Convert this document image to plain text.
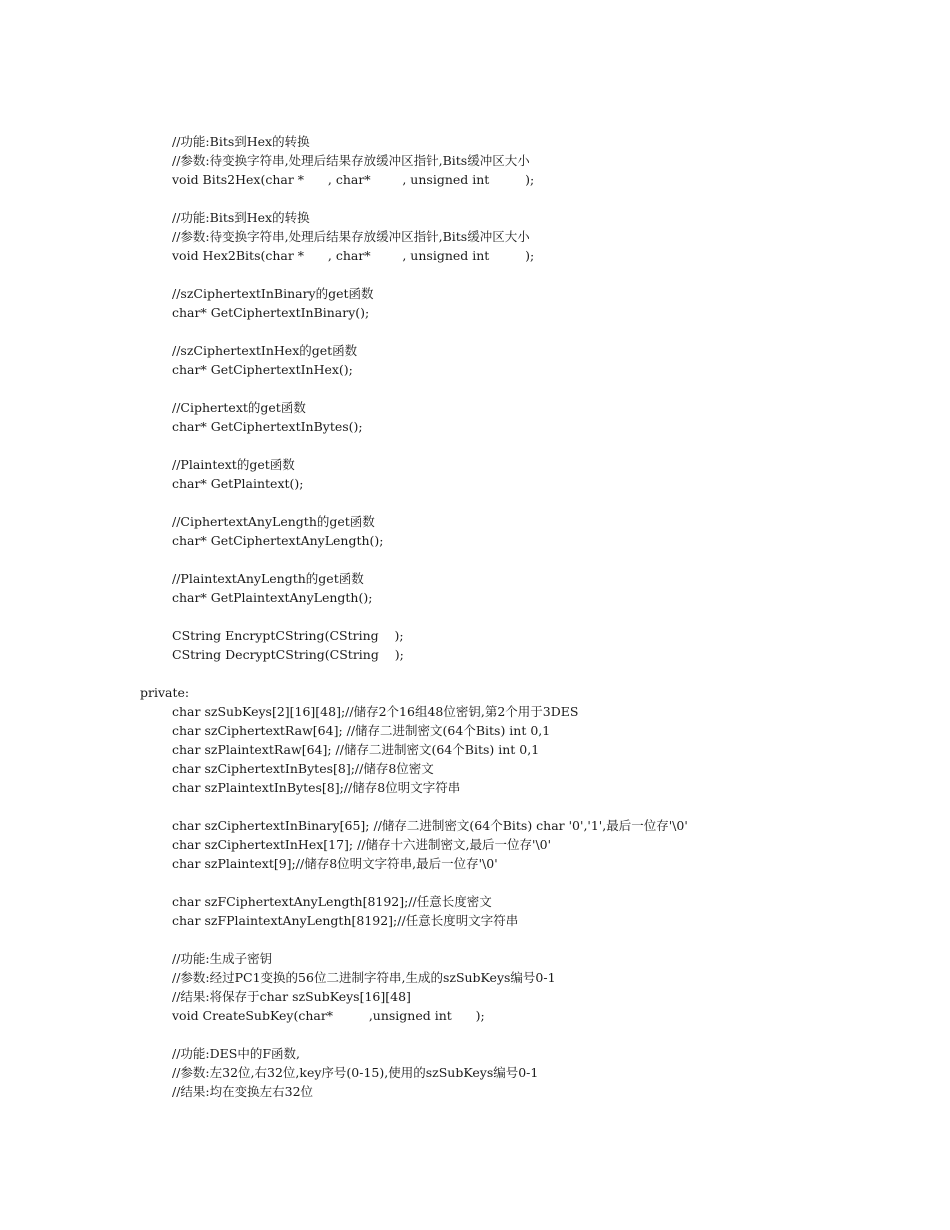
//功能:Bits到Hex的转换
//参数:待变换字符串,处理后结果存放缓冲区指针,Bits缓冲区大小
void Bits2Hex(char *      , char*        , unsigned int         );
//功能:Bits到Hex的转换
//参数:待变换字符串,处理后结果存放缓冲区指针,Bits缓冲区大小
void Hex2Bits(char *      , char*        , unsigned int         );
//szCiphertextInBinary的get函数
char* GetCiphertextInBinary();
//szCiphertextInHex的get函数
char* GetCiphertextInHex();
//Ciphertext的get函数
char* GetCiphertextInBytes();
//Plaintext的get函数
char* GetPlaintext();
//CiphertextAnyLength的get函数
char* GetCiphertextAnyLength();
//PlaintextAnyLength的get函数
char* GetPlaintextAnyLength();
CString EncryptCString(CString    );
CString DecryptCString(CString    );
private:
char szSubKeys[2][16][48];//储存2个16组48位密钥,第2个用于3DES
char szCiphertextRaw[64]; //储存二进制密文(64个Bits) int 0,1
char szPlaintextRaw[64]; //储存二进制密文(64个Bits) int 0,1
char szCiphertextInBytes[8];//储存8位密文
char szPlaintextInBytes[8];//储存8位明文字符串
char szCiphertextInBinary[65]; //储存二进制密文(64个Bits) char '0','1',最后一位存'\0'
char szCiphertextInHex[17]; //储存十六进制密文,最后一位存'\0'
char szPlaintext[9];//储存8位明文字符串,最后一位存'\0'
char szFCiphertextAnyLength[8192];//任意长度密文
char szFPlaintextAnyLength[8192];//任意长度明文字符串
//功能:生成子密钥
//参数:经过PC1变换的56位二进制字符串,生成的szSubKeys编号0-1
//结果:将保存于char szSubKeys[16][48]
void CreateSubKey(char*         ,unsigned int      );
//功能:DES中的F函数,
//参数:左32位,右32位,key序号(0-15),使用的szSubKeys编号0-1
//结果:均在变换左右32位
